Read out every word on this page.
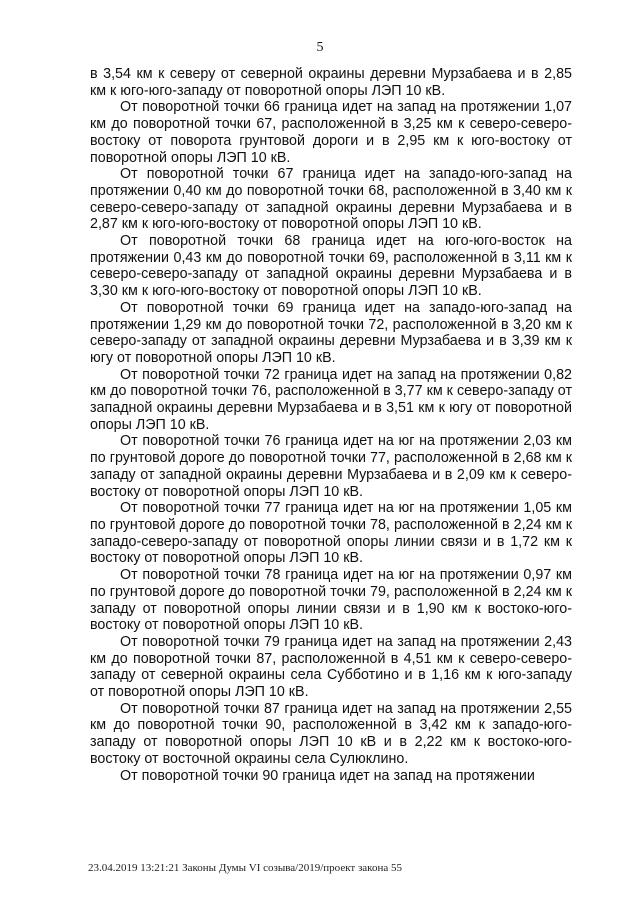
5

в 3,54 км к северу от северной окраины деревни Мурзабаева и в 2,85 км к юго-юго-западу от поворотной опоры ЛЭП 10 кВ.

От поворотной точки 66 граница идет на запад на протяжении 1,07 км до поворотной точки 67, расположенной в 3,25 км к северо-северо-востоку от поворота грунтовой дороги и в 2,95 км к юго-востоку от поворотной опоры ЛЭП 10 кВ.

От поворотной точки 67 граница идет на западо-юго-запад на протяжении 0,40 км до поворотной точки 68, расположенной в 3,40 км к северо-северо-западу от западной окраины деревни Мурзабаева и в 2,87 км к юго-юго-востоку от поворотной опоры ЛЭП 10 кВ.

От поворотной точки 68 граница идет на юго-юго-восток на протяжении 0,43 км до поворотной точки 69, расположенной в 3,11 км к северо-северо-западу от западной окраины деревни Мурзабаева и в 3,30 км к юго-юго-востоку от поворотной опоры ЛЭП 10 кВ.

От поворотной точки 69 граница идет на западо-юго-запад на протяжении 1,29 км до поворотной точки 72, расположенной в 3,20 км к северо-западу от западной окраины деревни Мурзабаева и в 3,39 км к югу от поворотной опоры ЛЭП 10 кВ.

От поворотной точки 72 граница идет на запад на протяжении 0,82 км до поворотной точки 76, расположенной в 3,77 км к северо-западу от западной окраины деревни Мурзабаева и в 3,51 км к югу от поворотной опоры ЛЭП 10 кВ.

От поворотной точки 76 граница идет на юг на протяжении 2,03 км по грунтовой дороге до поворотной точки 77, расположенной в 2,68 км к западу от западной окраины деревни Мурзабаева и в 2,09 км к северо-востоку от поворотной опоры ЛЭП 10 кВ.

От поворотной точки 77 граница идет на юг на протяжении 1,05 км по грунтовой дороге до поворотной точки 78, расположенной в 2,24 км к западо-северо-западу от поворотной опоры линии связи и в 1,72 км к востоку от поворотной опоры ЛЭП 10 кВ.

От поворотной точки 78 граница идет на юг на протяжении 0,97 км по грунтовой дороге до поворотной точки 79, расположенной в 2,24 км к западу от поворотной опоры линии связи и в 1,90 км к востоко-юго-востоку от поворотной опоры ЛЭП 10 кВ.

От поворотной точки 79 граница идет на запад на протяжении 2,43 км до поворотной точки 87, расположенной в 4,51 км к северо-северо-западу от северной окраины села Субботино и в 1,16 км к юго-западу от поворотной опоры ЛЭП 10 кВ.

От поворотной точки 87 граница идет на запад на протяжении 2,55 км до поворотной точки 90, расположенной в 3,42 км к западо-юго-западу от поворотной опоры ЛЭП 10 кВ и в 2,22 км к востоко-юго-востоку от восточной окраины села Сулюклино.

От поворотной точки 90 граница идет на запад на протяжении

23.04.2019 13:21:21 Законы Думы VI созыва/2019/проект закона 55
